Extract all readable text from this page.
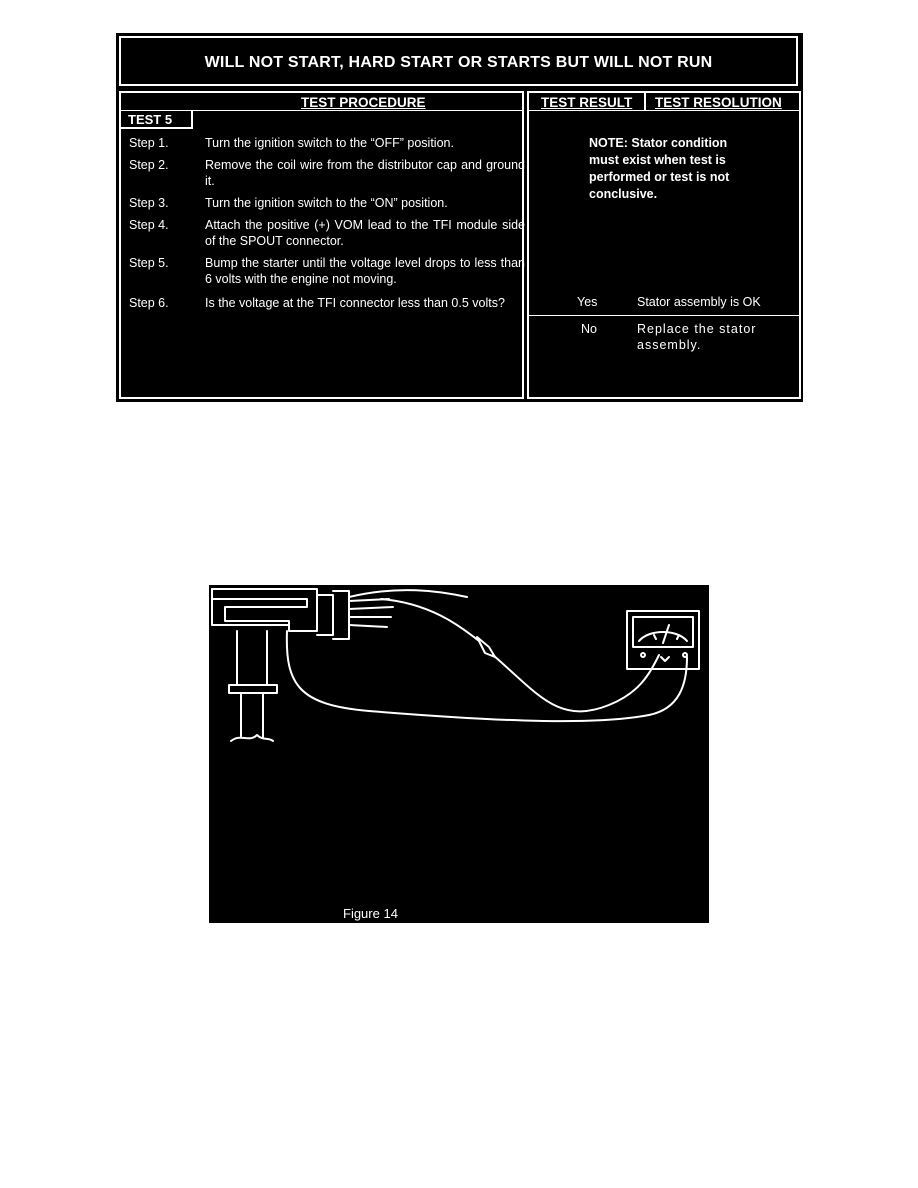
WILL NOT START, HARD START OR STARTS BUT WILL NOT RUN
TEST PROCEDURE
TEST 5
Step 1.	Turn the ignition switch to the “OFF” position.
Step 2.	Remove the coil wire from the distributor cap and ground it.
Step 3.	Turn the ignition switch to the “ON” position.
Step 4.	Attach the positive (+) VOM lead to the TFI module side of the SPOUT connector.
Step 5.	Bump the starter until the voltage level drops to less than 6 volts with the engine not moving.
Step 6.	Is the voltage at the TFI connector less than 0.5 volts?
TEST RESULT TEST RESOLUTION
NOTE: Stator condition must exist when test is performed or test is not conclusive.
Yes	Stator assembly is OK
No	Replace the stator assembly.
Figure 14
